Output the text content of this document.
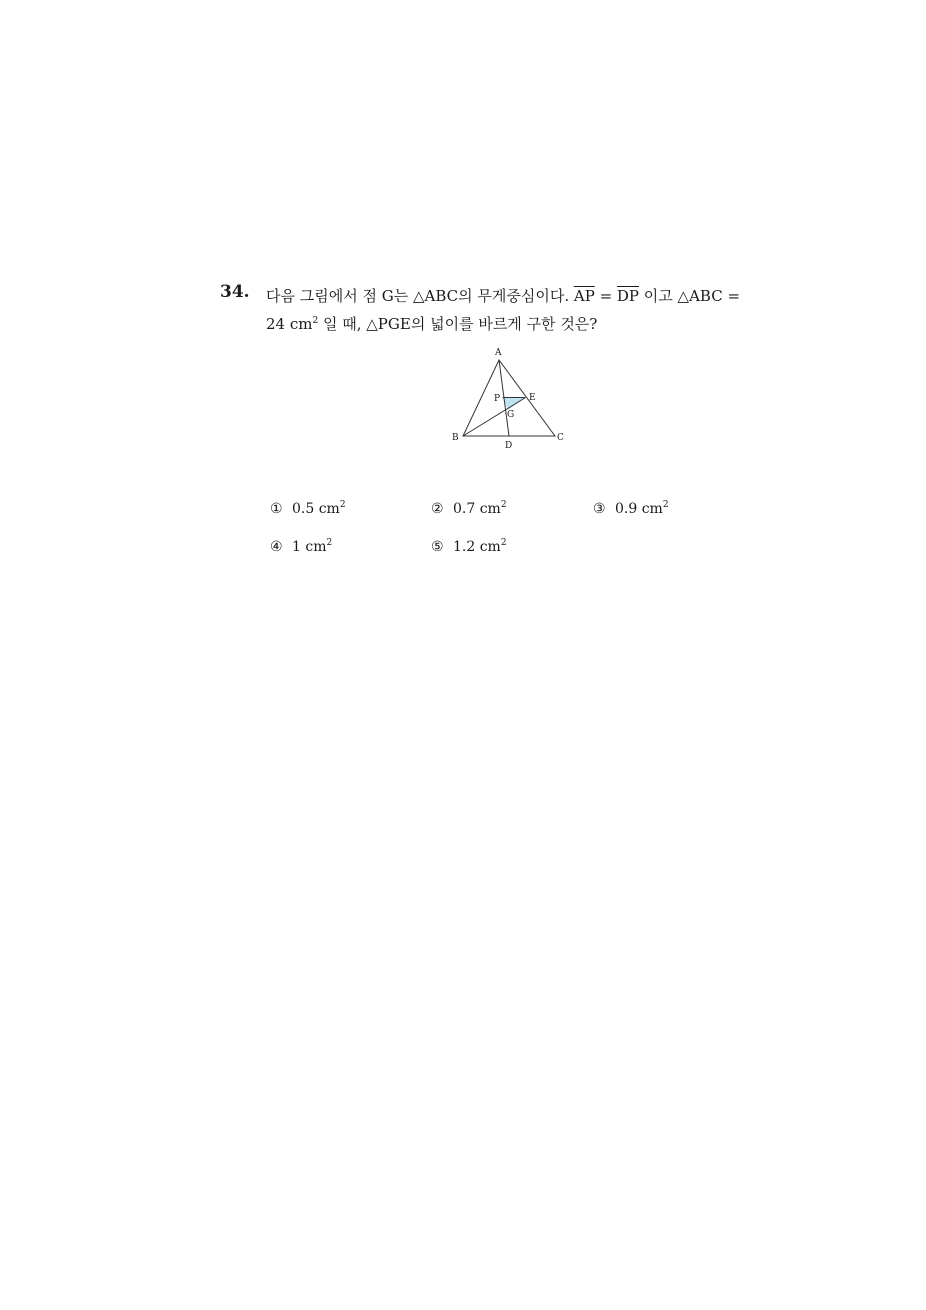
34. 다음 그림에서 점 G는 △ABC의 무게중심이다. $\overline{AP} = \overline{DP}$ 이고 △ABC =
24 $cm^2$ 일 때, △PGE의 넓이를 바르게 구한 것은?
A
B	C
D
E
P
G
① 0.5 $cm^2$	② 0.7 $cm^2$	③ 0.9 $cm^2$
④ 1 $cm^2$	⑤ 1.2 $cm^2$
